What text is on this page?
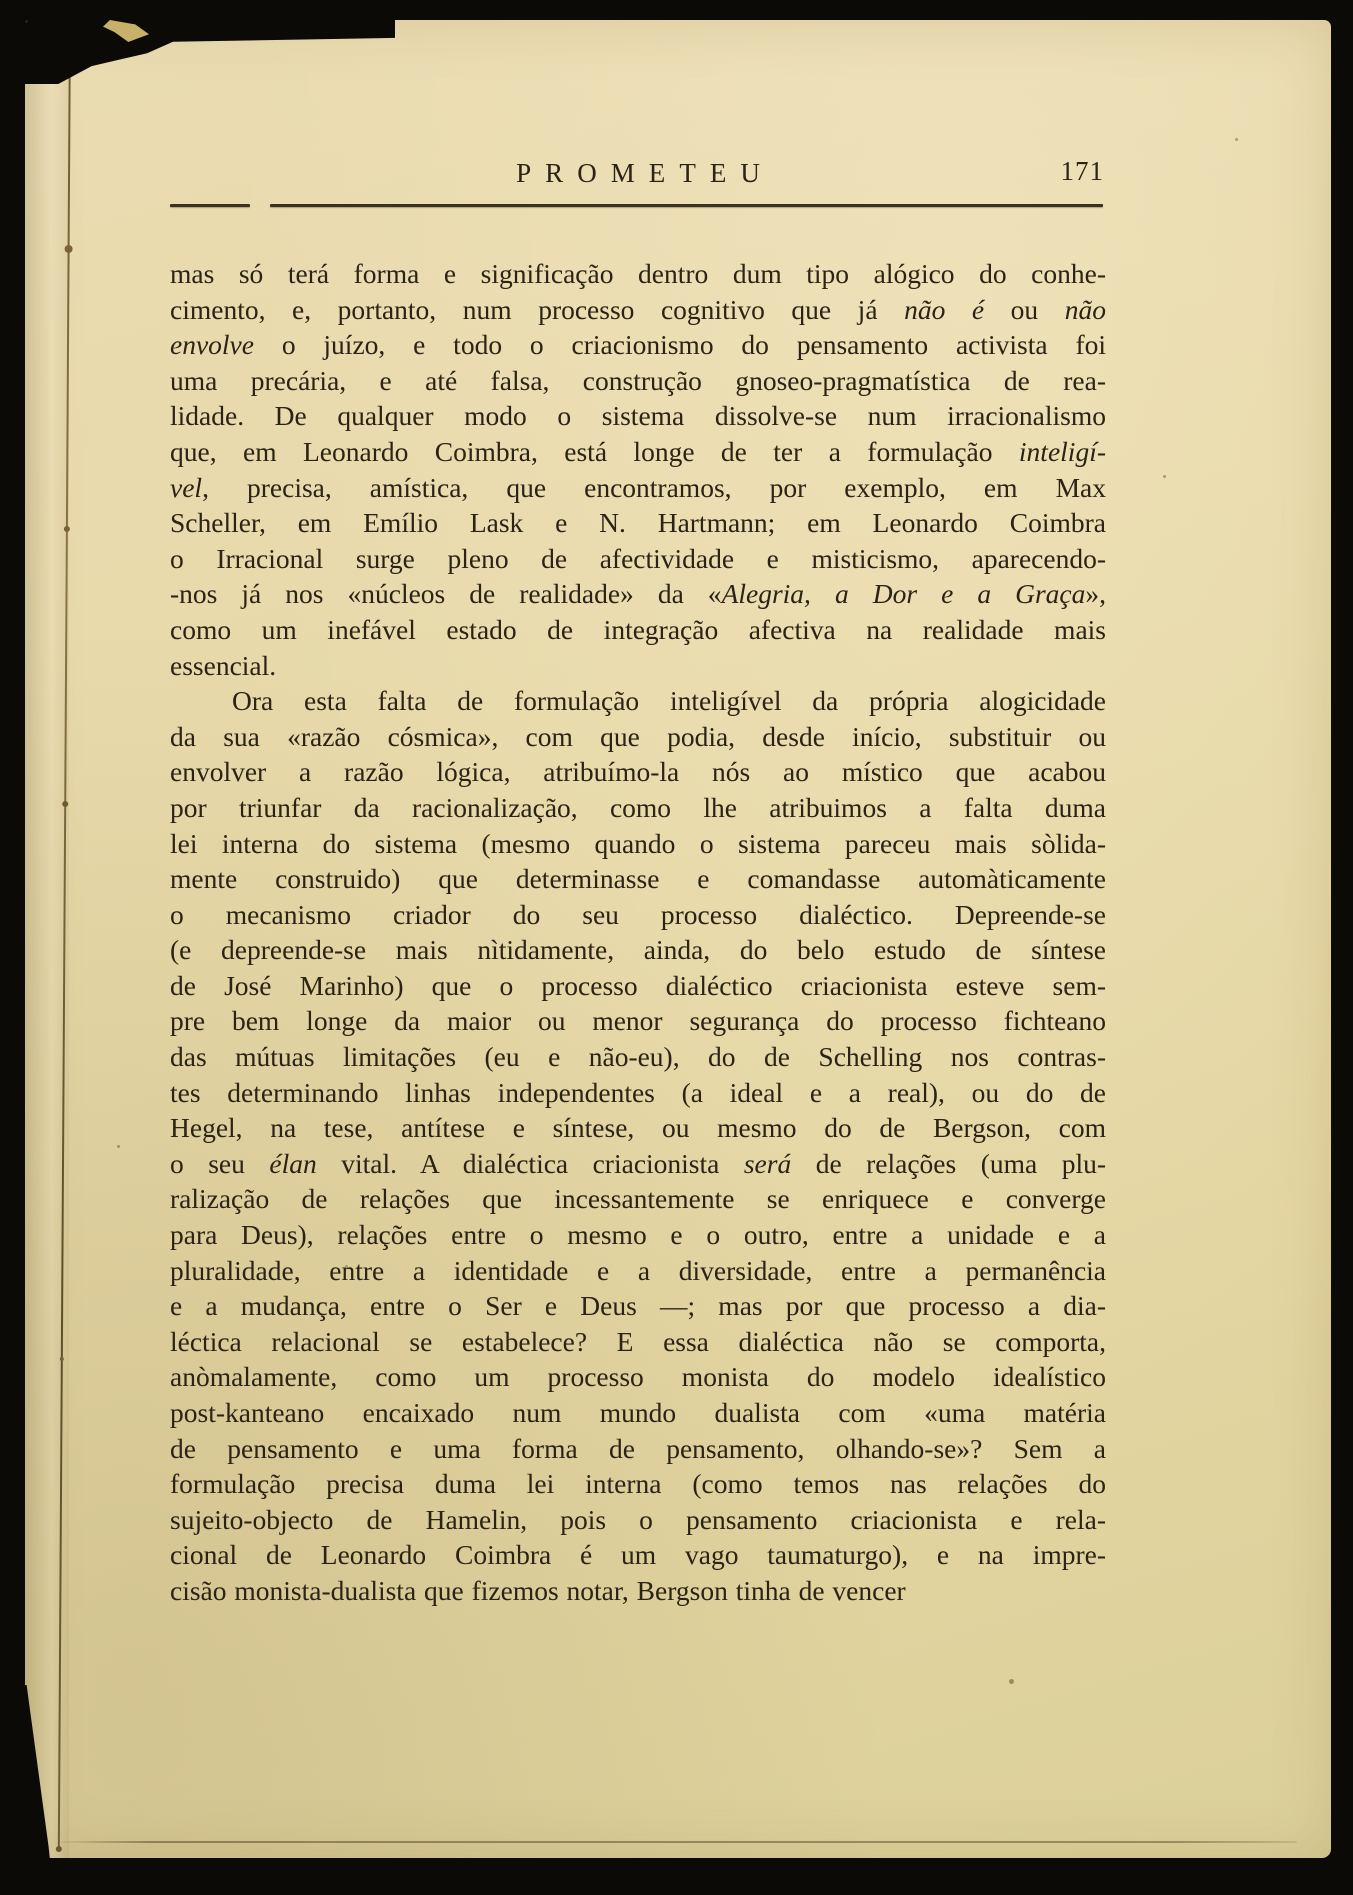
PROMETEU	171
mas só terá forma e significação dentro dum tipo alógico do conhe-
cimento, e, portanto, num processo cognitivo que já não é ou não
envolve o juízo, e todo o criacionismo do pensamento activista foi
uma precária, e até falsa, construção gnoseo-pragmatística de rea-
lidade. De qualquer modo o sistema dissolve-se num irracionalismo
que, em Leonardo Coimbra, está longe de ter a formulação inteligí-
vel, precisa, amística, que encontramos, por exemplo, em Max
Scheller, em Emílio Lask e N. Hartmann; em Leonardo Coimbra
o Irracional surge pleno de afectividade e misticismo, aparecendo-
-nos já nos «núcleos de realidade» da «Alegria, a Dor e a Graça»,
como um inefável estado de integração afectiva na realidade mais
essencial.
Ora esta falta de formulação inteligível da própria alogicidade
da sua «razão cósmica», com que podia, desde início, substituir ou
envolver a razão lógica, atribuímo-la nós ao místico que acabou
por triunfar da racionalização, como lhe atribuimos a falta duma
lei interna do sistema (mesmo quando o sistema pareceu mais sòlida-
mente construido) que determinasse e comandasse automàticamente
o mecanismo criador do seu processo dialéctico. Depreende-se
(e depreende-se mais nìtidamente, ainda, do belo estudo de síntese
de José Marinho) que o processo dialéctico criacionista esteve sem-
pre bem longe da maior ou menor segurança do processo fichteano
das mútuas limitações (eu e não-eu), do de Schelling nos contras-
tes determinando linhas independentes (a ideal e a real), ou do de
Hegel, na tese, antítese e síntese, ou mesmo do de Bergson, com
o seu élan vital. A dialéctica criacionista será de relações (uma plu-
ralização de relações que incessantemente se enriquece e converge
para Deus), relações entre o mesmo e o outro, entre a unidade e a
pluralidade, entre a identidade e a diversidade, entre a permanência
e a mudança, entre o Ser e Deus —; mas por que processo a dia-
léctica relacional se estabelece? E essa dialéctica não se comporta,
anòmalamente, como um processo monista do modelo idealístico
post-kanteano encaixado num mundo dualista com «uma matéria
de pensamento e uma forma de pensamento, olhando-se»? Sem a
formulação precisa duma lei interna (como temos nas relações do
sujeito-objecto de Hamelin, pois o pensamento criacionista e rela-
cional de Leonardo Coimbra é um vago taumaturgo), e na impre-
cisão monista-dualista que fizemos notar, Bergson tinha de vencer
